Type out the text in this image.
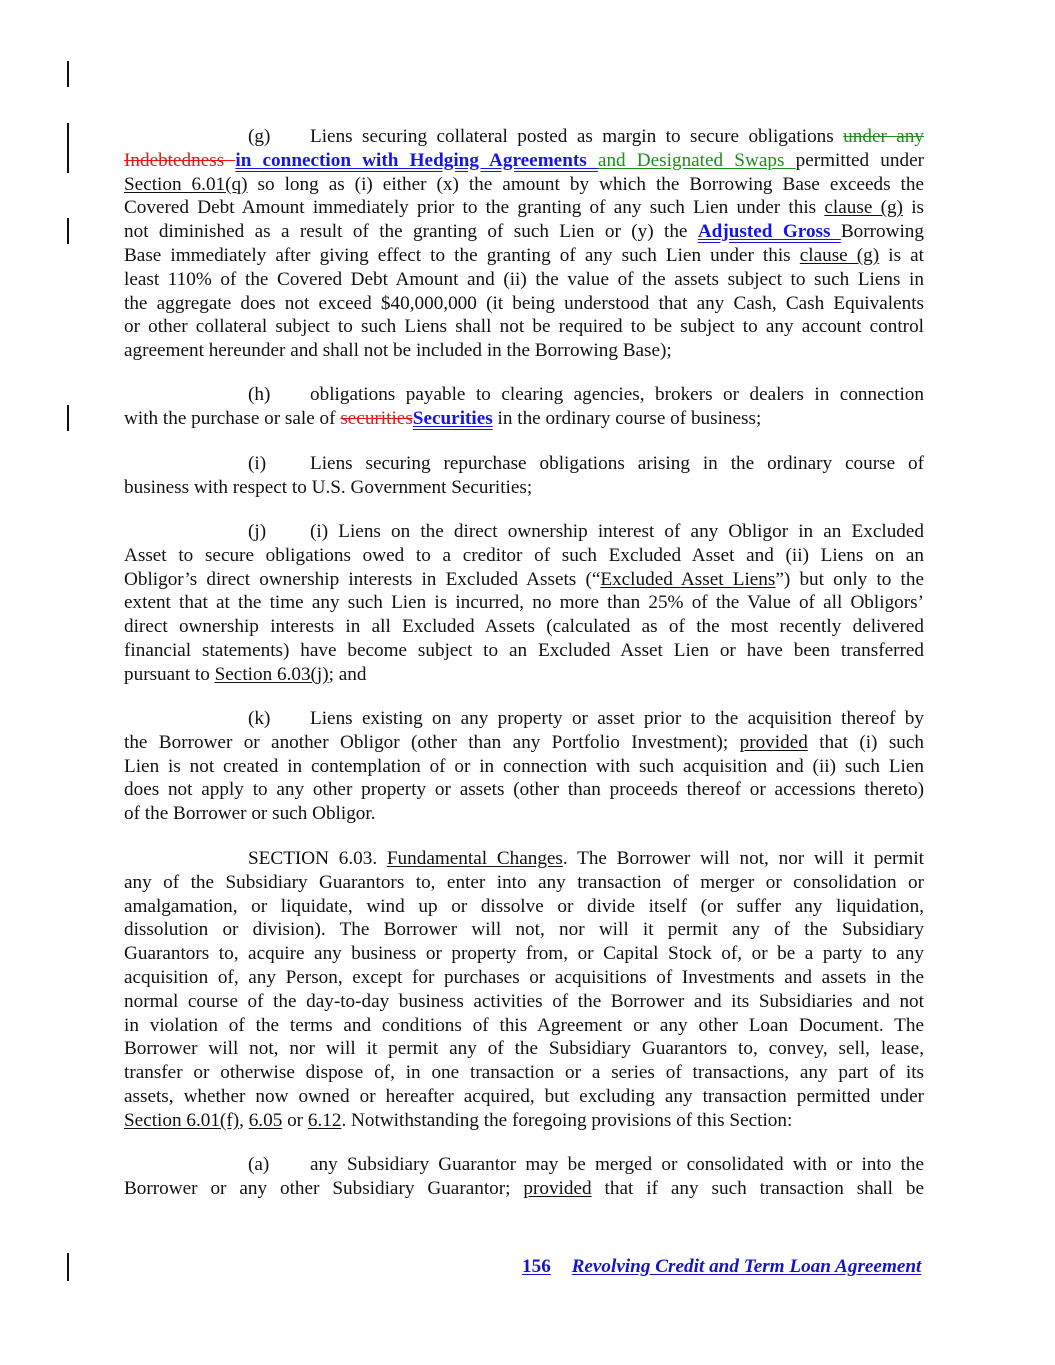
(g) Liens securing collateral posted as margin to secure obligations under any
Indebtedness in connection with Hedging Agreements and Designated Swaps permitted under
Section 6.01(q) so long as (i) either (x) the amount by which the Borrowing Base exceeds the
Covered Debt Amount immediately prior to the granting of any such Lien under this clause (g) is
not diminished as a result of the granting of such Lien or (y) the Adjusted Gross Borrowing
Base immediately after giving effect to the granting of any such Lien under this clause (g) is at
least 110% of the Covered Debt Amount and (ii) the value of the assets subject to such Liens in
the aggregate does not exceed $40,000,000 (it being understood that any Cash, Cash Equivalents
or other collateral subject to such Liens shall not be required to be subject to any account control
agreement hereunder and shall not be included in the Borrowing Base);
(h) obligations payable to clearing agencies, brokers or dealers in connection
with the purchase or sale of securitiesSecurities in the ordinary course of business;
(i) Liens securing repurchase obligations arising in the ordinary course of
business with respect to U.S. Government Securities;
(j) (i) Liens on the direct ownership interest of any Obligor in an Excluded
Asset to secure obligations owed to a creditor of such Excluded Asset and (ii) Liens on an
Obligor’s direct ownership interests in Excluded Assets (“Excluded Asset Liens”) but only to the
extent that at the time any such Lien is incurred, no more than 25% of the Value of all Obligors’
direct ownership interests in all Excluded Assets (calculated as of the most recently delivered
financial statements) have become subject to an Excluded Asset Lien or have been transferred
pursuant to Section 6.03(j); and
(k) Liens existing on any property or asset prior to the acquisition thereof by
the Borrower or another Obligor (other than any Portfolio Investment); provided that (i) such
Lien is not created in contemplation of or in connection with such acquisition and (ii) such Lien
does not apply to any other property or assets (other than proceeds thereof or accessions thereto)
of the Borrower or such Obligor.
SECTION 6.03. Fundamental Changes. The Borrower will not, nor will it permit
any of the Subsidiary Guarantors to, enter into any transaction of merger or consolidation or
amalgamation, or liquidate, wind up or dissolve or divide itself (or suffer any liquidation,
dissolution or division). The Borrower will not, nor will it permit any of the Subsidiary
Guarantors to, acquire any business or property from, or Capital Stock of, or be a party to any
acquisition of, any Person, except for purchases or acquisitions of Investments and assets in the
normal course of the day-to-day business activities of the Borrower and its Subsidiaries and not
in violation of the terms and conditions of this Agreement or any other Loan Document. The
Borrower will not, nor will it permit any of the Subsidiary Guarantors to, convey, sell, lease,
transfer or otherwise dispose of, in one transaction or a series of transactions, any part of its
assets, whether now owned or hereafter acquired, but excluding any transaction permitted under
Section 6.01(f), 6.05 or 6.12. Notwithstanding the foregoing provisions of this Section:
(a) any Subsidiary Guarantor may be merged or consolidated with or into the
Borrower or any other Subsidiary Guarantor; provided that if any such transaction shall be
156 Revolving Credit and Term Loan Agreement
